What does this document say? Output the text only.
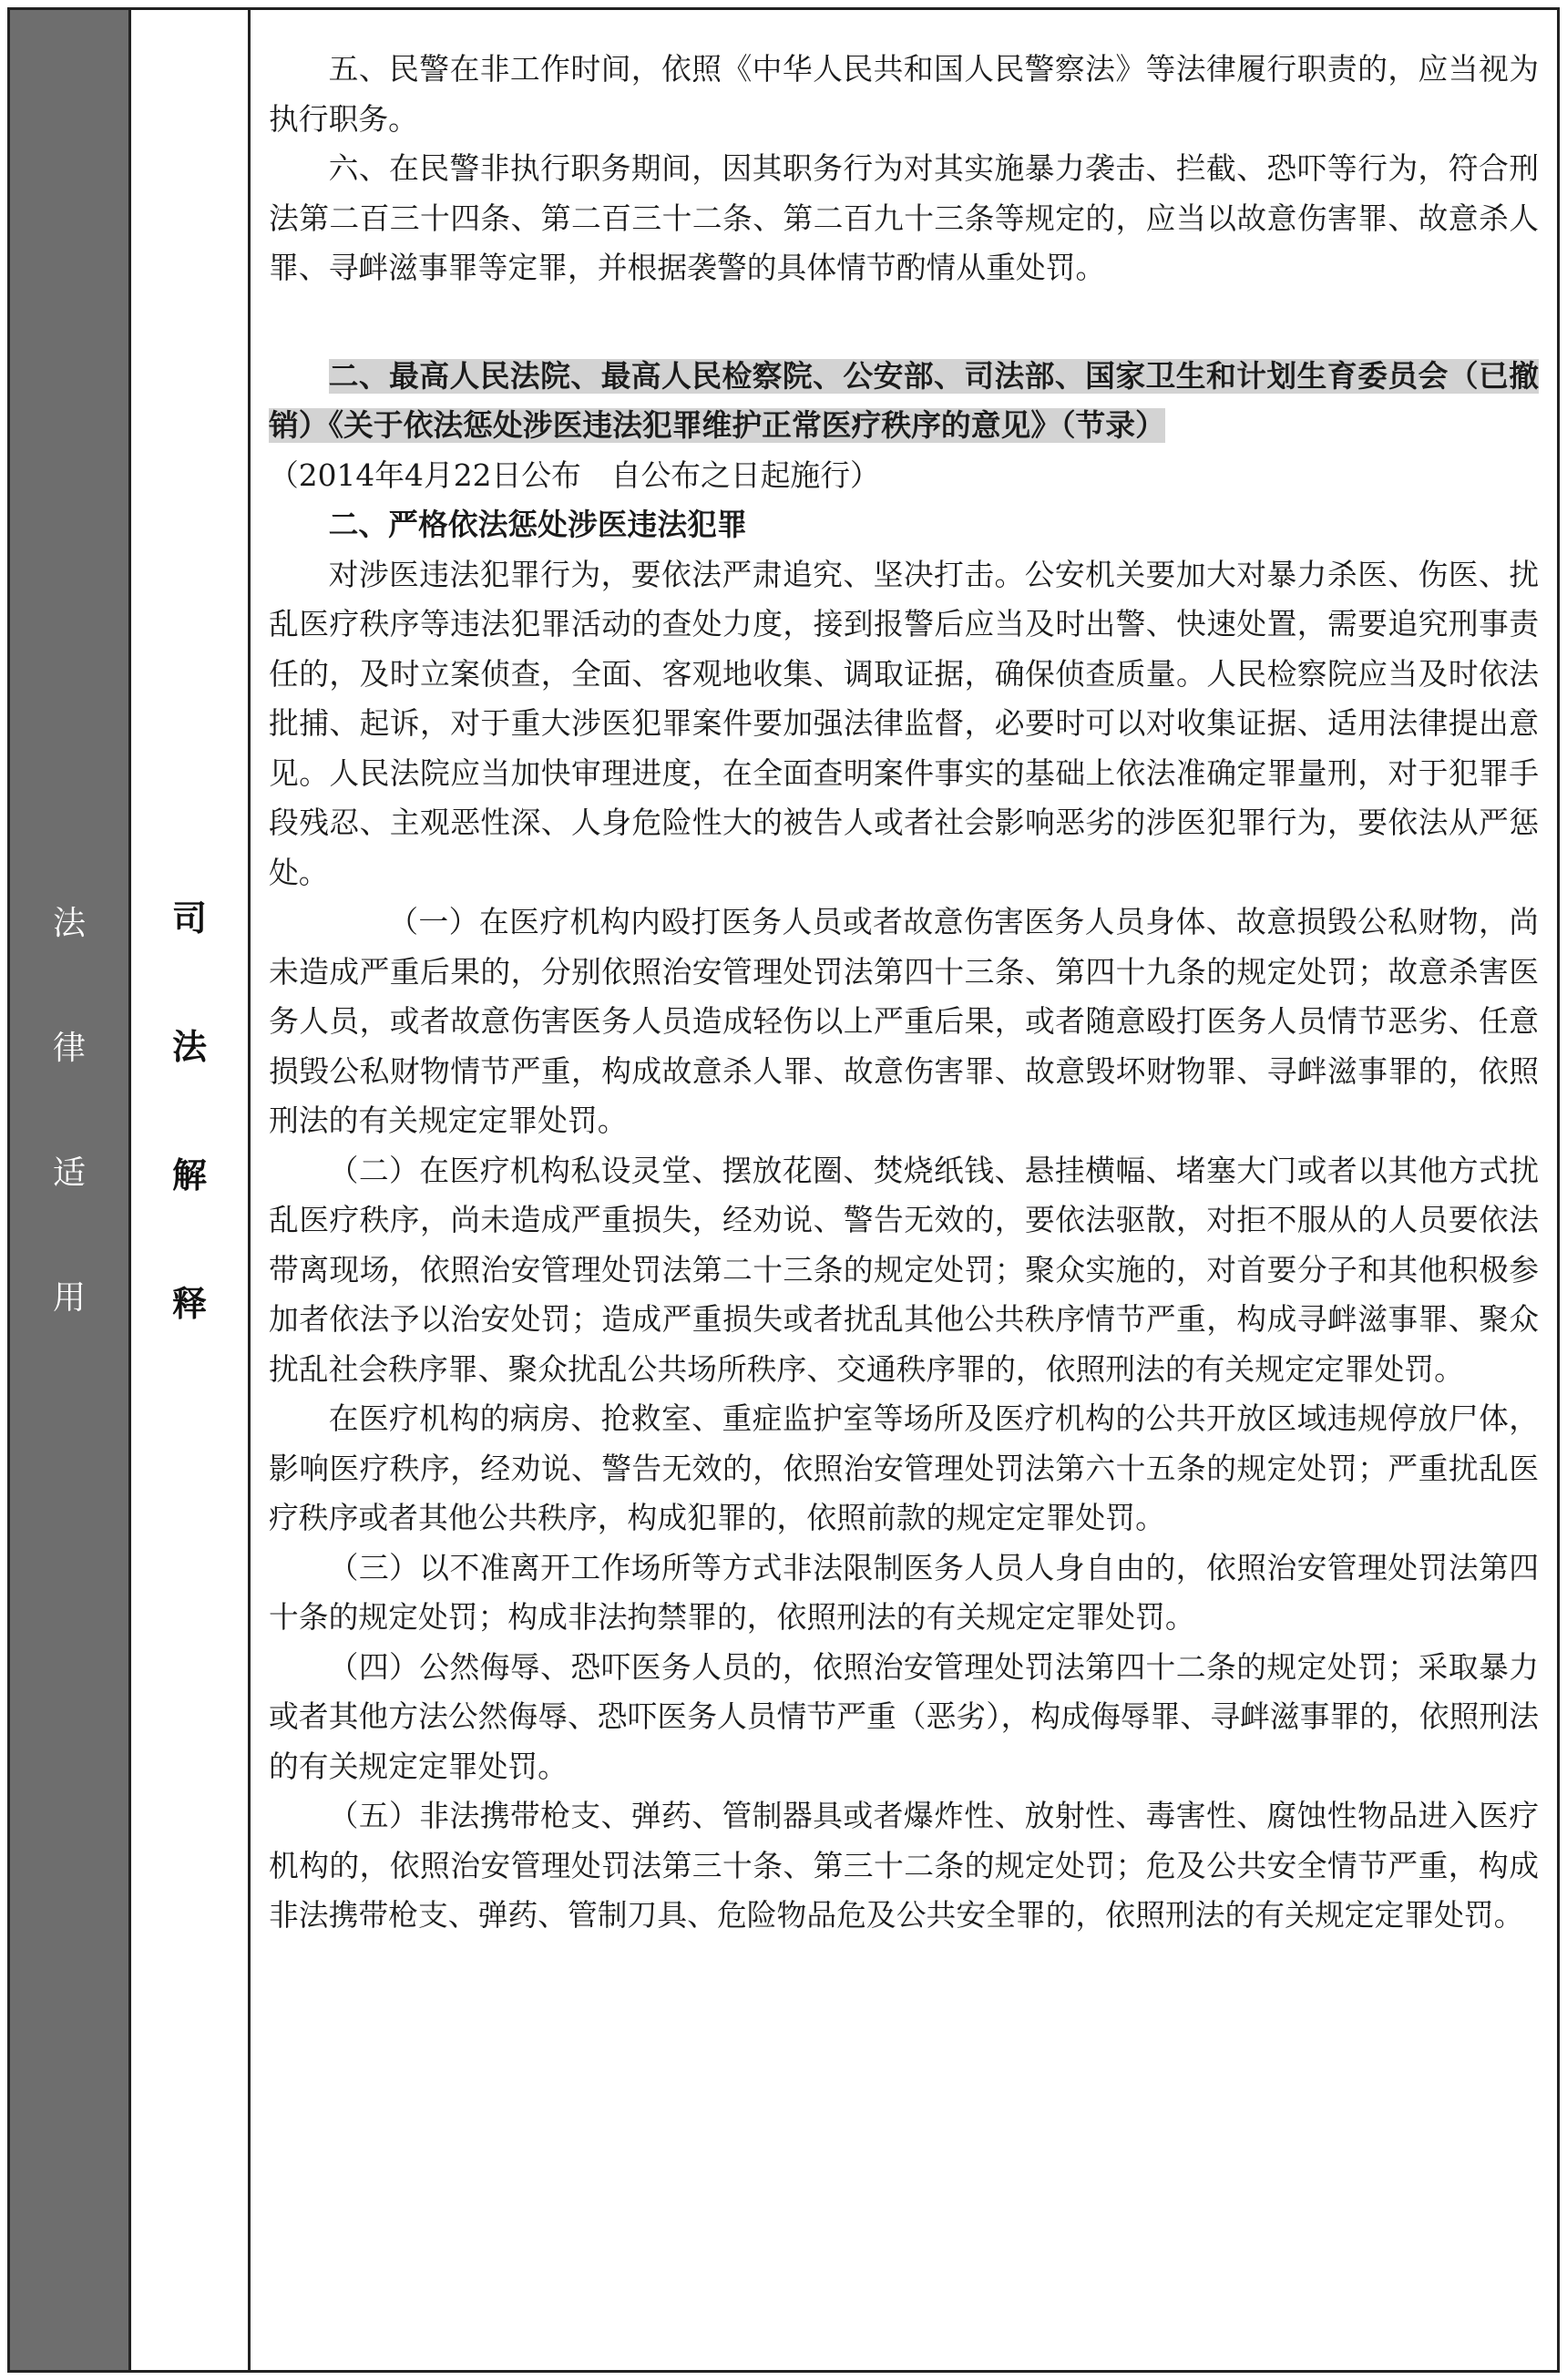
法
律
适
用
司
法
解
释

五、民警在非工作时间，依照《中华人民共和国人民警察法》等法律履行职责的，应当视为执行职务。

六、在民警非执行职务期间，因其职务行为对其实施暴力袭击、拦截、恐吓等行为，符合刑法第二百三十四条、第二百三十二条、第二百九十三条等规定的，应当以故意伤害罪、故意杀人罪、寻衅滋事罪等定罪，并根据袭警的具体情节酌情从重处罚。

二、最高人民法院、最高人民检察院、公安部、司法部、国家卫生和计划生育委员会（已撤销）《关于依法惩处涉医违法犯罪维护正常医疗秩序的意见》（节录）

（2014年4月22日公布　自公布之日起施行）

二、严格依法惩处涉医违法犯罪

对涉医违法犯罪行为，要依法严肃追究、坚决打击。公安机关要加大对暴力杀医、伤医、扰乱医疗秩序等违法犯罪活动的查处力度，接到报警后应当及时出警、快速处置，需要追究刑事责任的，及时立案侦查，全面、客观地收集、调取证据，确保侦查质量。人民检察院应当及时依法批捕、起诉，对于重大涉医犯罪案件要加强法律监督，必要时可以对收集证据、适用法律提出意见。人民法院应当加快审理进度，在全面查明案件事实的基础上依法准确定罪量刑，对于犯罪手段残忍、主观恶性深、人身危险性大的被告人或者社会影响恶劣的涉医犯罪行为，要依法从严惩处。

（一）在医疗机构内殴打医务人员或者故意伤害医务人员身体、故意损毁公私财物，尚未造成严重后果的，分别依照治安管理处罚法第四十三条、第四十九条的规定处罚；故意杀害医务人员，或者故意伤害医务人员造成轻伤以上严重后果，或者随意殴打医务人员情节恶劣、任意损毁公私财物情节严重，构成故意杀人罪、故意伤害罪、故意毁坏财物罪、寻衅滋事罪的，依照刑法的有关规定定罪处罚。

（二）在医疗机构私设灵堂、摆放花圈、焚烧纸钱、悬挂横幅、堵塞大门或者以其他方式扰乱医疗秩序，尚未造成严重损失，经劝说、警告无效的，要依法驱散，对拒不服从的人员要依法带离现场，依照治安管理处罚法第二十三条的规定处罚；聚众实施的，对首要分子和其他积极参加者依法予以治安处罚；造成严重损失或者扰乱其他公共秩序情节严重，构成寻衅滋事罪、聚众扰乱社会秩序罪、聚众扰乱公共场所秩序、交通秩序罪的，依照刑法的有关规定定罪处罚。

在医疗机构的病房、抢救室、重症监护室等场所及医疗机构的公共开放区域违规停放尸体，影响医疗秩序，经劝说、警告无效的，依照治安管理处罚法第六十五条的规定处罚；严重扰乱医疗秩序或者其他公共秩序，构成犯罪的，依照前款的规定定罪处罚。

（三）以不准离开工作场所等方式非法限制医务人员人身自由的，依照治安管理处罚法第四十条的规定处罚；构成非法拘禁罪的，依照刑法的有关规定定罪处罚。

（四）公然侮辱、恐吓医务人员的，依照治安管理处罚法第四十二条的规定处罚；采取暴力或者其他方法公然侮辱、恐吓医务人员情节严重（恶劣），构成侮辱罪、寻衅滋事罪的，依照刑法的有关规定定罪处罚。

（五）非法携带枪支、弹药、管制器具或者爆炸性、放射性、毒害性、腐蚀性物品进入医疗机构的，依照治安管理处罚法第三十条、第三十二条的规定处罚；危及公共安全情节严重，构成非法携带枪支、弹药、管制刀具、危险物品危及公共安全罪的，依照刑法的有关规定定罪处罚。
